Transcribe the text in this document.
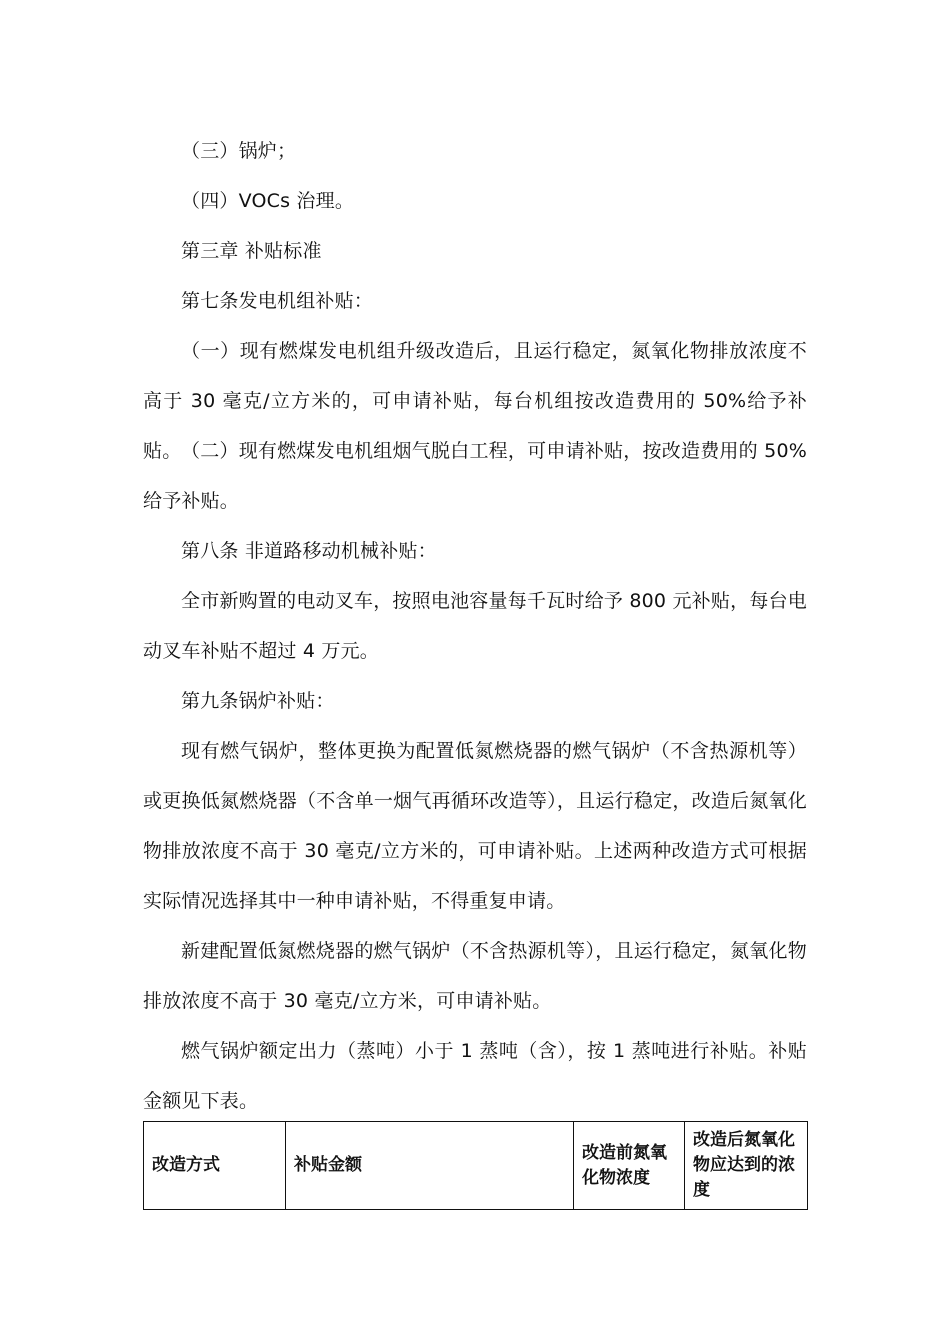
（三）锅炉；

（四）VOCs 治理。

第三章 补贴标准

第七条发电机组补贴：

（一）现有燃煤发电机组升级改造后，且运行稳定，氮氧化物排放浓度不高于 30 毫克/立方米的，可申请补贴，每台机组按改造费用的 50%给予补贴。 （二）现有燃煤发电机组烟气脱白工程，可申请补贴，按改造费用的 50%给予补贴。

第八条 非道路移动机械补贴：

全市新购置的电动叉车，按照电池容量每千瓦时给予 800 元补贴，每台电动叉车补贴不超过 4 万元。

第九条锅炉补贴：

现有燃气锅炉，整体更换为配置低氮燃烧器的燃气锅炉（不含热源机等）或更换低氮燃烧器（不含单一烟气再循环改造等），且运行稳定，改造后氮氧化物排放浓度不高于 30 毫克/立方米的，可申请补贴。上述两种改造方式可根据实际情况选择其中一种申请补贴，不得重复申请。

新建配置低氮燃烧器的燃气锅炉（不含热源机等），且运行稳定，氮氧化物排放浓度不高于 30 毫克/立方米，可申请补贴。

燃气锅炉额定出力（蒸吨）小于 1 蒸吨（含），按 1 蒸吨进行补贴。补贴金额见下表。

改造方式	补贴金额	改造前氮氧化物浓度	改造后氮氧化物应达到的浓度
